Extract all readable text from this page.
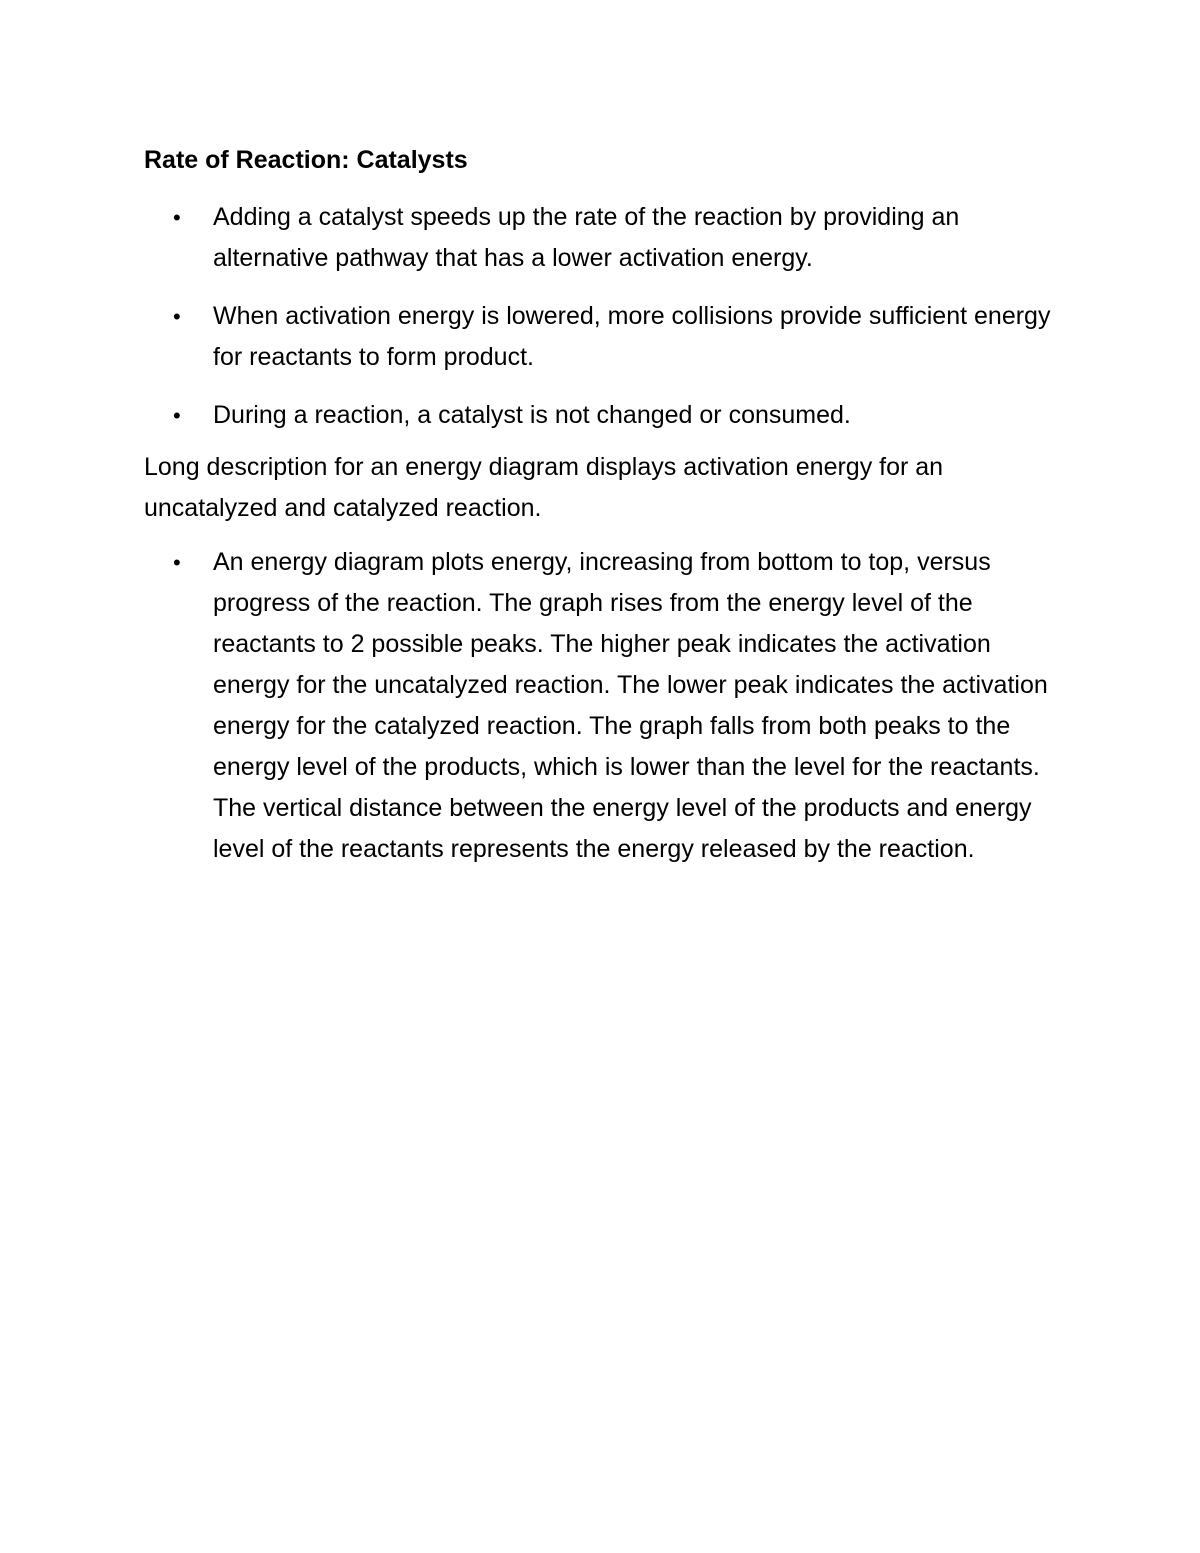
Rate of Reaction: Catalysts
• Adding a catalyst speeds up the rate of the reaction by providing an alternative pathway that has a lower activation energy.
• When activation energy is lowered, more collisions provide sufficient energy for reactants to form product.
• During a reaction, a catalyst is not changed or consumed.

Long description for an energy diagram displays activation energy for an uncatalyzed and catalyzed reaction.

• An energy diagram plots energy, increasing from bottom to top, versus progress of the reaction. The graph rises from the energy level of the reactants to 2 possible peaks. The higher peak indicates the activation energy for the uncatalyzed reaction. The lower peak indicates the activation energy for the catalyzed reaction. The graph falls from both peaks to the energy level of the products, which is lower than the level for the reactants. The vertical distance between the energy level of the products and energy level of the reactants represents the energy released by the reaction.
